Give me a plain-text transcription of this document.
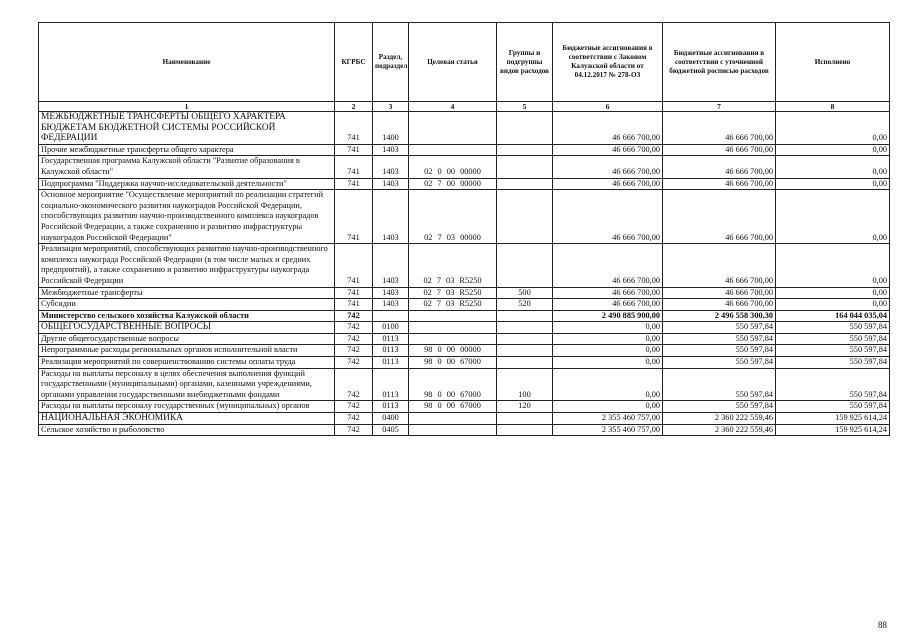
Наименование	КГРБС	Раздел, подраздел	Целевая статья	Группы и подгруппы видов расходов	Бюджетные ассигнования в соответствии с Законом Калужской области от 04.12.2017 № 278-ОЗ	Бюджетные ассигнования в соответствии с уточненной бюджетной росписью расходов	Исполнено
1	2	3	4	5	6	7	8
МЕЖБЮДЖЕТНЫЕ ТРАНСФЕРТЫ ОБЩЕГО ХАРАКТЕРА БЮДЖЕТАМ БЮДЖЕТНОЙ СИСТЕМЫ РОССИЙСКОЙ ФЕДЕРАЦИИ	741	1400			46 666 700,00	46 666 700,00	0,00
Прочие межбюджетные трансферты общего характера	741	1403			46 666 700,00	46 666 700,00	0,00
Государственная программа Калужской области "Развитие образования в Калужской области"	741	1403	02 0 00 00000		46 666 700,00	46 666 700,00	0,00
Подпрограмма "Поддержка научно-исследовательской деятельности"	741	1403	02 7 00 00000		46 666 700,00	46 666 700,00	0,00
Основное мероприятие "Осуществление мероприятий по реализации стратегий социально-экономического развития наукоградов Российской Федерации, способствующих развитию научно-производственного комплекса наукоградов Российской Федерации, а также сохранению и развитию инфраструктуры наукоградов Российской Федерации"	741	1403	02 7 03 00000		46 666 700,00	46 666 700,00	0,00
Реализация мероприятий, способствующих развитию научно-производственного комплекса наукограда Российской Федерации (в том числе малых и средних предприятий), а также сохранению и развитию инфраструктуры наукограда Российской Федерации	741	1403	02 7 03 R5250		46 666 700,00	46 666 700,00	0,00
Межбюджетные трансферты	741	1403	02 7 03 R5250	500	46 666 700,00	46 666 700,00	0,00
Субсидии	741	1403	02 7 03 R5250	520	46 666 700,00	46 666 700,00	0,00
Министерство сельского хозяйства Калужской области	742				2 490 885 900,00	2 496 558 300,30	164 044 035,04
ОБЩЕГОСУДАРСТВЕННЫЕ ВОПРОСЫ	742	0100			0,00	550 597,84	550 597,84
Другие общегосударственные вопросы	742	0113			0,00	550 597,84	550 597,84
Непрограммные расходы региональных органов исполнительной власти	742	0113	98 0 00 00000		0,00	550 597,84	550 597,84
Реализация мероприятий по совершенствованию системы оплаты труда	742	0113	98 0 00 67000		0,00	550 597,84	550 597,84
Расходы на выплаты персоналу в целях обеспечения выполнения функций государственными (муниципальными) органами, казенными учреждениями, органами управления государственными внебюджетными фондами	742	0113	98 0 00 67000	100	0,00	550 597,84	550 597,84
Расходы на выплаты персоналу государственных (муниципальных) органов	742	0113	98 0 00 67000	120	0,00	550 597,84	550 597,84
НАЦИОНАЛЬНАЯ ЭКОНОМИКА	742	0400			2 355 460 757,00	2 360 222 559,46	159 925 614,24
Сельское хозяйство и рыболовство	742	0405			2 355 460 757,00	2 360 222 559,46	159 925 614,24
88
